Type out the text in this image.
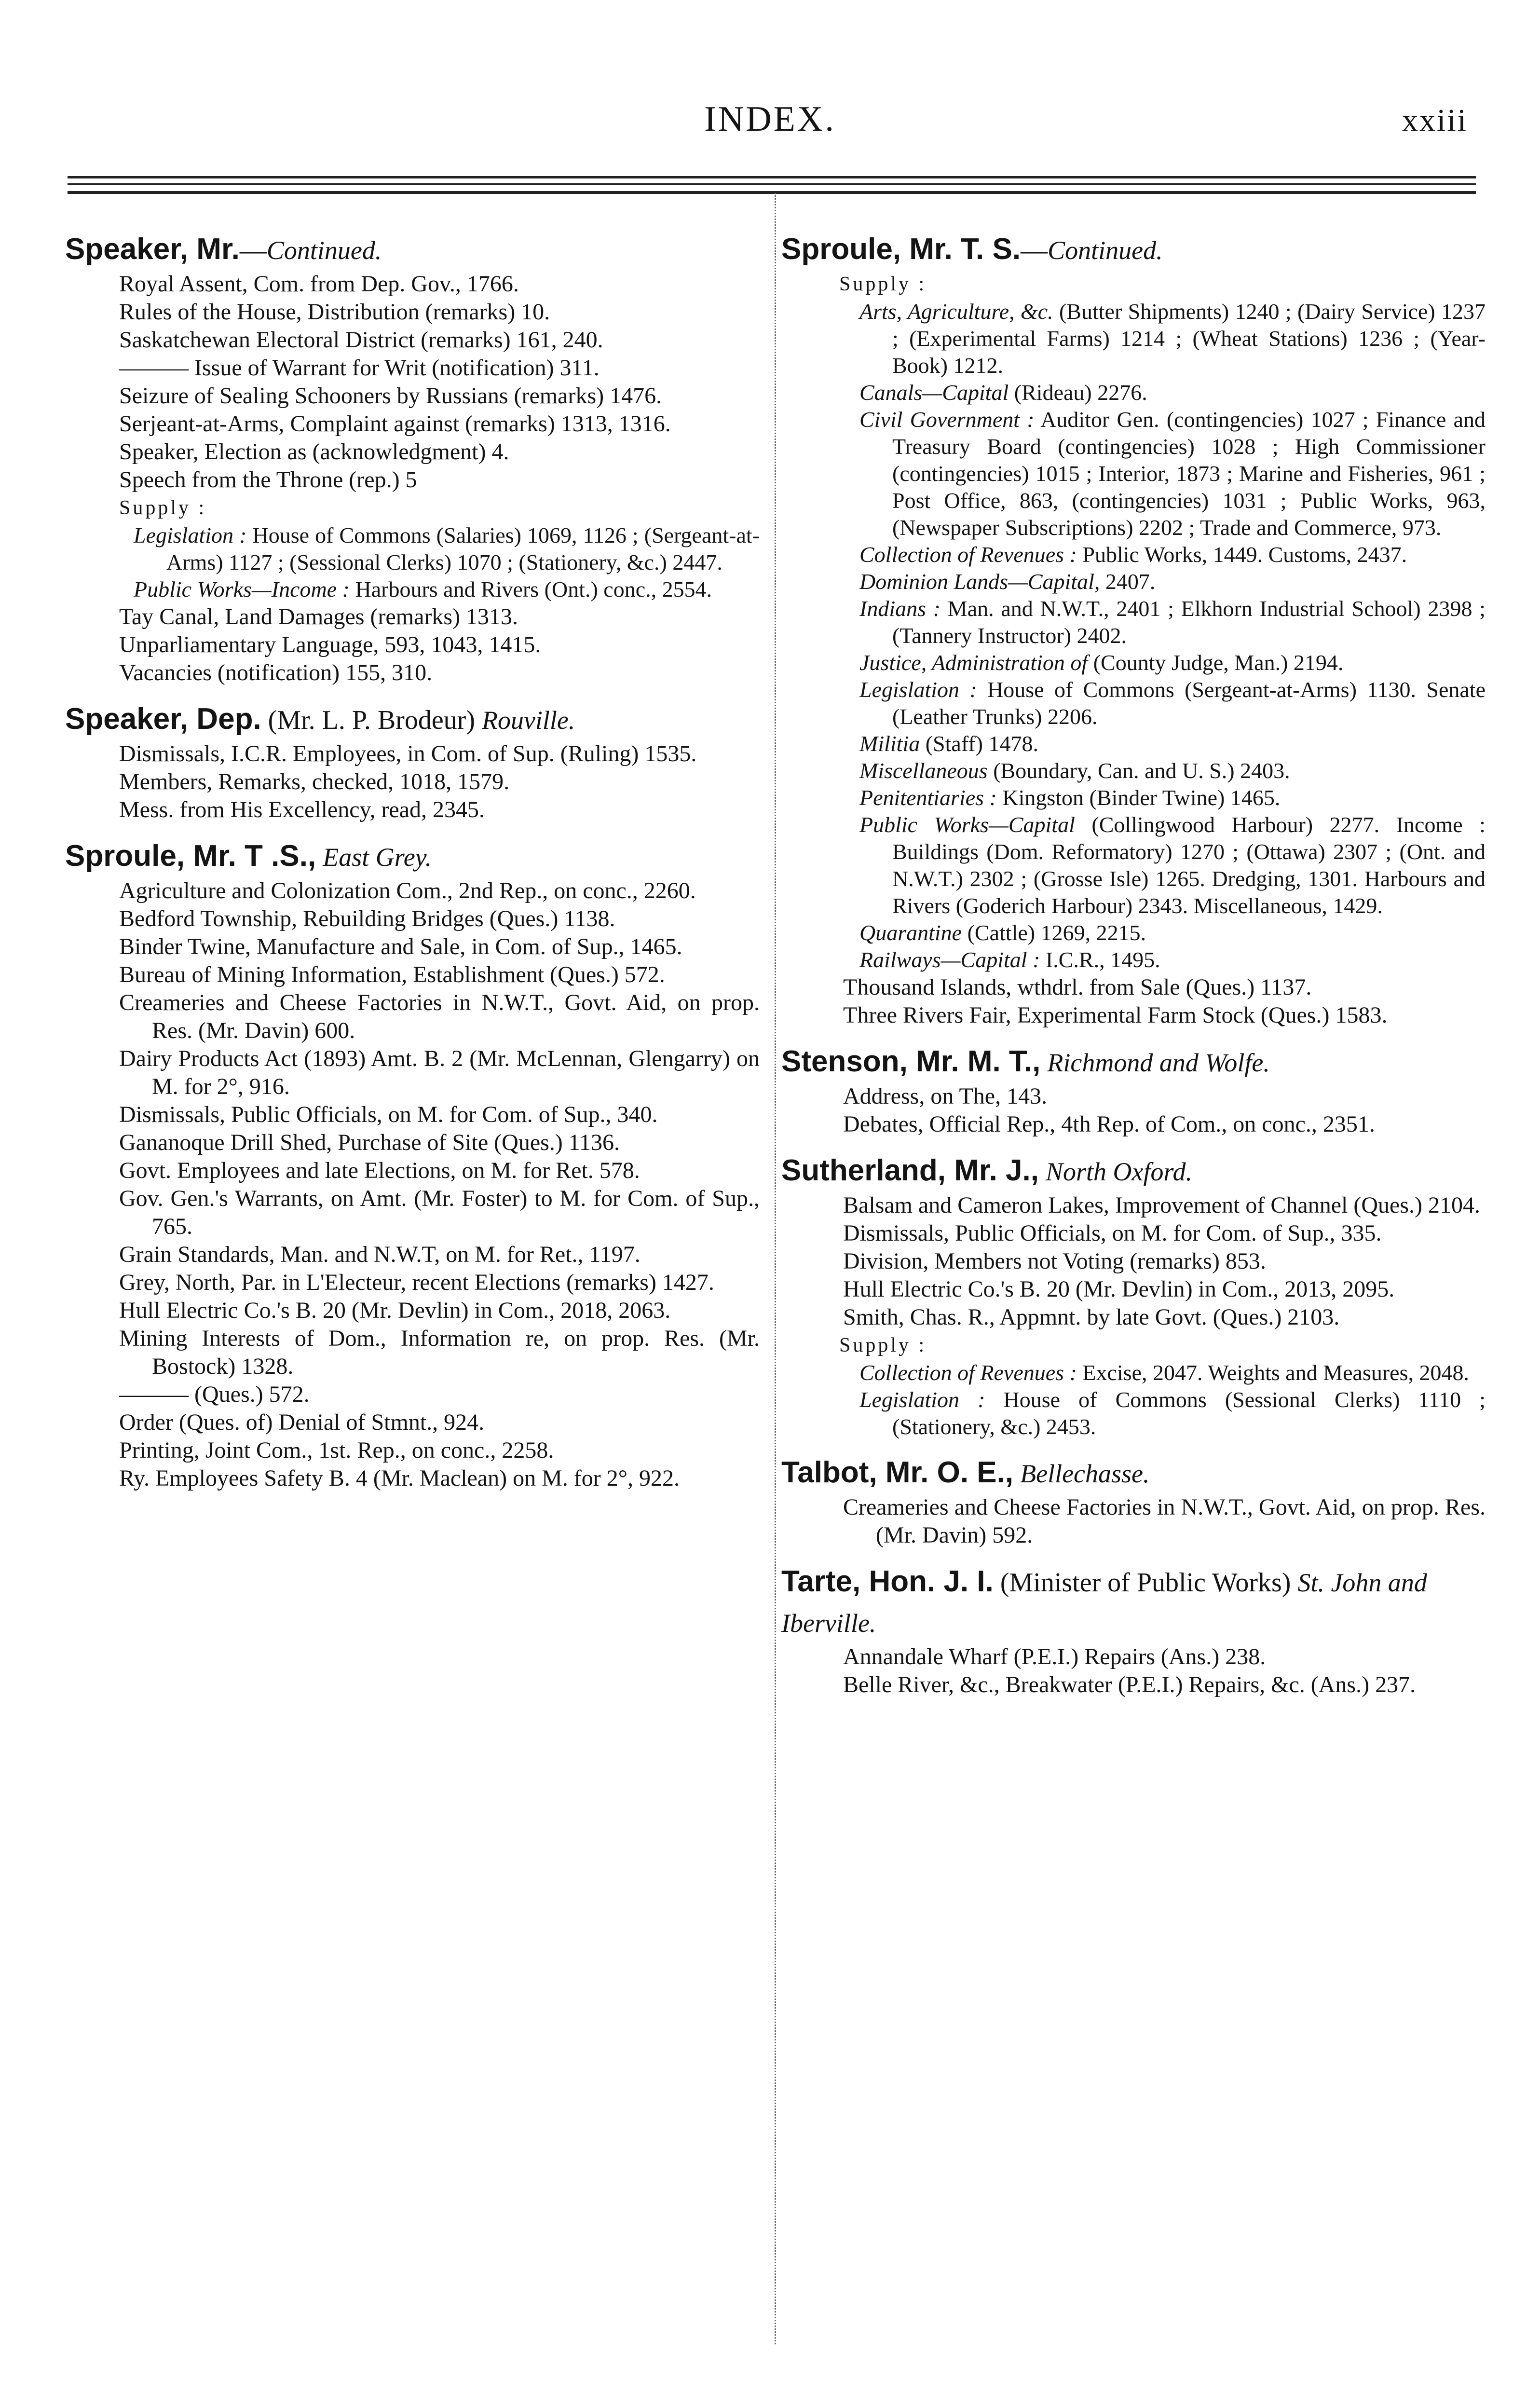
INDEX.	xxiii
Speaker, Mr.—Continued.
Royal Assent, Com. from Dep. Gov., 1766.
Rules of the House, Distribution (remarks) 10.
Saskatchewan Electoral District (remarks) 161, 240.
——— Issue of Warrant for Writ (notification) 311.
Seizure of Sealing Schooners by Russians (remarks) 1476.
Serjeant-at-Arms, Complaint against (remarks) 1313, 1316.
Speaker, Election as (acknowledgment) 4.
Speech from the Throne (rep.) 5
Supply :
Legislation : House of Commons (Salaries) 1069, 1126 ; (Sergeant-at-Arms) 1127 ; (Sessional Clerks) 1070 ; (Stationery, &c.) 2447.
Public Works—Income : Harbours and Rivers (Ont.) conc., 2554.
Tay Canal, Land Damages (remarks) 1313.
Unparliamentary Language, 593, 1043, 1415.
Vacancies (notification) 155, 310.
Speaker, Dep. (Mr. L. P. Brodeur) Rouville.
Dismissals, I.C.R. Employees, in Com. of Sup. (Ruling) 1535.
Members, Remarks, checked, 1018, 1579.
Mess. from His Excellency, read, 2345.
Sproule, Mr. T .S., East Grey.
Agriculture and Colonization Com., 2nd Rep., on conc., 2260.
Bedford Township, Rebuilding Bridges (Ques.) 1138.
Binder Twine, Manufacture and Sale, in Com. of Sup., 1465.
Bureau of Mining Information, Establishment (Ques.) 572.
Creameries and Cheese Factories in N.W.T., Govt. Aid, on prop. Res. (Mr. Davin) 600.
Dairy Products Act (1893) Amt. B. 2 (Mr. McLennan, Glengarry) on M. for 2°, 916.
Dismissals, Public Officials, on M. for Com. of Sup., 340.
Gananoque Drill Shed, Purchase of Site (Ques.) 1136.
Govt. Employees and late Elections, on M. for Ret. 578.
Gov. Gen.'s Warrants, on Amt. (Mr. Foster) to M. for Com. of Sup., 765.
Grain Standards, Man. and N.W.T, on M. for Ret., 1197.
Grey, North, Par. in L'Electeur, recent Elections (remarks) 1427.
Hull Electric Co.'s B. 20 (Mr. Devlin) in Com., 2018, 2063.
Mining Interests of Dom., Information re, on prop. Res. (Mr. Bostock) 1328.
——— (Ques.) 572.
Order (Ques. of) Denial of Stmnt., 924.
Printing, Joint Com., 1st. Rep., on conc., 2258.
Ry. Employees Safety B. 4 (Mr. Maclean) on M. for 2°, 922.
Sproule, Mr. T. S.—Continued.
Supply :
Arts, Agriculture, &c. (Butter Shipments) 1240 ; (Dairy Service) 1237 ; (Experimental Farms) 1214 ; (Wheat Stations) 1236 ; (Year-Book) 1212.
Canals—Capital (Rideau) 2276.
Civil Government : Auditor Gen. (contingencies) 1027 ; Finance and Treasury Board (contingencies) 1028 ; High Commissioner (contingencies) 1015 ; Interior, 1873 ; Marine and Fisheries, 961 ; Post Office, 863, (contingencies) 1031 ; Public Works, 963, (Newspaper Subscriptions) 2202 ; Trade and Commerce, 973.
Collection of Revenues : Public Works, 1449. Customs, 2437.
Dominion Lands—Capital, 2407.
Indians : Man. and N.W.T., 2401 ; Elkhorn Industrial School) 2398 ; (Tannery Instructor) 2402.
Justice, Administration of (County Judge, Man.) 2194.
Legislation : House of Commons (Sergeant-at-Arms) 1130. Senate (Leather Trunks) 2206.
Militia (Staff) 1478.
Miscellaneous (Boundary, Can. and U. S.) 2403.
Penitentiaries : Kingston (Binder Twine) 1465.
Public Works—Capital (Collingwood Harbour) 2277. Income : Buildings (Dom. Reformatory) 1270 ; (Ottawa) 2307 ; (Ont. and N.W.T.) 2302 ; (Grosse Isle) 1265. Dredging, 1301. Harbours and Rivers (Goderich Harbour) 2343. Miscellaneous, 1429.
Quarantine (Cattle) 1269, 2215.
Railways—Capital : I.C.R., 1495.
Thousand Islands, wthdrl. from Sale (Ques.) 1137.
Three Rivers Fair, Experimental Farm Stock (Ques.) 1583.
Stenson, Mr. M. T., Richmond and Wolfe.
Address, on The, 143.
Debates, Official Rep., 4th Rep. of Com., on conc., 2351.
Sutherland, Mr. J., North Oxford.
Balsam and Cameron Lakes, Improvement of Channel (Ques.) 2104.
Dismissals, Public Officials, on M. for Com. of Sup., 335.
Division, Members not Voting (remarks) 853.
Hull Electric Co.'s B. 20 (Mr. Devlin) in Com., 2013, 2095.
Smith, Chas. R., Appmnt. by late Govt. (Ques.) 2103.
Supply :
Collection of Revenues : Excise, 2047. Weights and Measures, 2048.
Legislation : House of Commons (Sessional Clerks) 1110 ; (Stationery, &c.) 2453.
Talbot, Mr. O. E., Bellechasse.
Creameries and Cheese Factories in N.W.T., Govt. Aid, on prop. Res. (Mr. Davin) 592.
Tarte, Hon. J. I. (Minister of Public Works) St. John and Iberville.
Annandale Wharf (P.E.I.) Repairs (Ans.) 238.
Belle River, &c., Breakwater (P.E.I.) Repairs, &c. (Ans.) 237.
